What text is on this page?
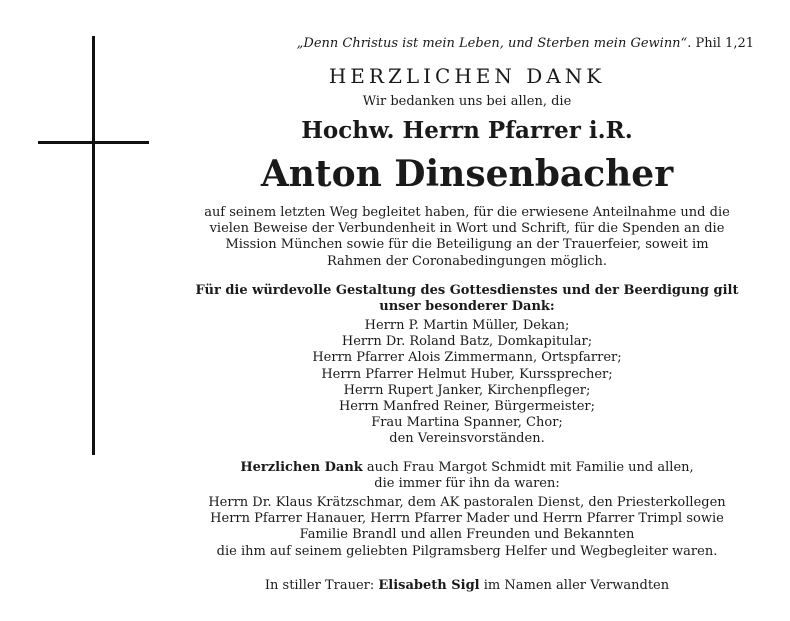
„Denn Christus ist mein Leben, und Sterben mein Gewinn“. Phil 1,21
HERZLICHEN DANK
Wir bedanken uns bei allen, die
Hochw. Herrn Pfarrer i.R.
Anton Dinsenbacher

auf seinem letzten Weg begleitet haben, für die erwiesene Anteilnahme und die

vielen Beweise der Verbundenheit in Wort und Schrift, für die Spenden an die

Mission München sowie für die Beteiligung an der Trauerfeier, soweit im

Rahmen der Coronabedingungen möglich.

Für die würdevolle Gestaltung des Gottesdienstes und der Beerdigung gilt

unser besonderer Dank:

Herrn P. Martin Müller, Dekan;

Herrn Dr. Roland Batz, Domkapitular;

Herrn Pfarrer Alois Zimmermann, Ortspfarrer;

Herrn Pfarrer Helmut Huber, Kurssprecher;

Herrn Rupert Janker, Kirchenpfleger;

Herrn Manfred Reiner, Bürgermeister;

Frau Martina Spanner, Chor;

den Vereinsvorständen.

Herzlichen Dank auch Frau Margot Schmidt mit Familie und allen,

die immer für ihn da waren:

Herrn Dr. Klaus Krätzschmar, dem AK pastoralen Dienst, den Priesterkollegen

Herrn Pfarrer Hanauer, Herrn Pfarrer Mader und Herrn Pfarrer Trimpl sowie

Familie Brandl und allen Freunden und Bekannten

die ihm auf seinem geliebten Pilgramsberg Helfer und Wegbegleiter waren.

In stiller Trauer: Elisabeth Sigl im Namen aller Verwandten
